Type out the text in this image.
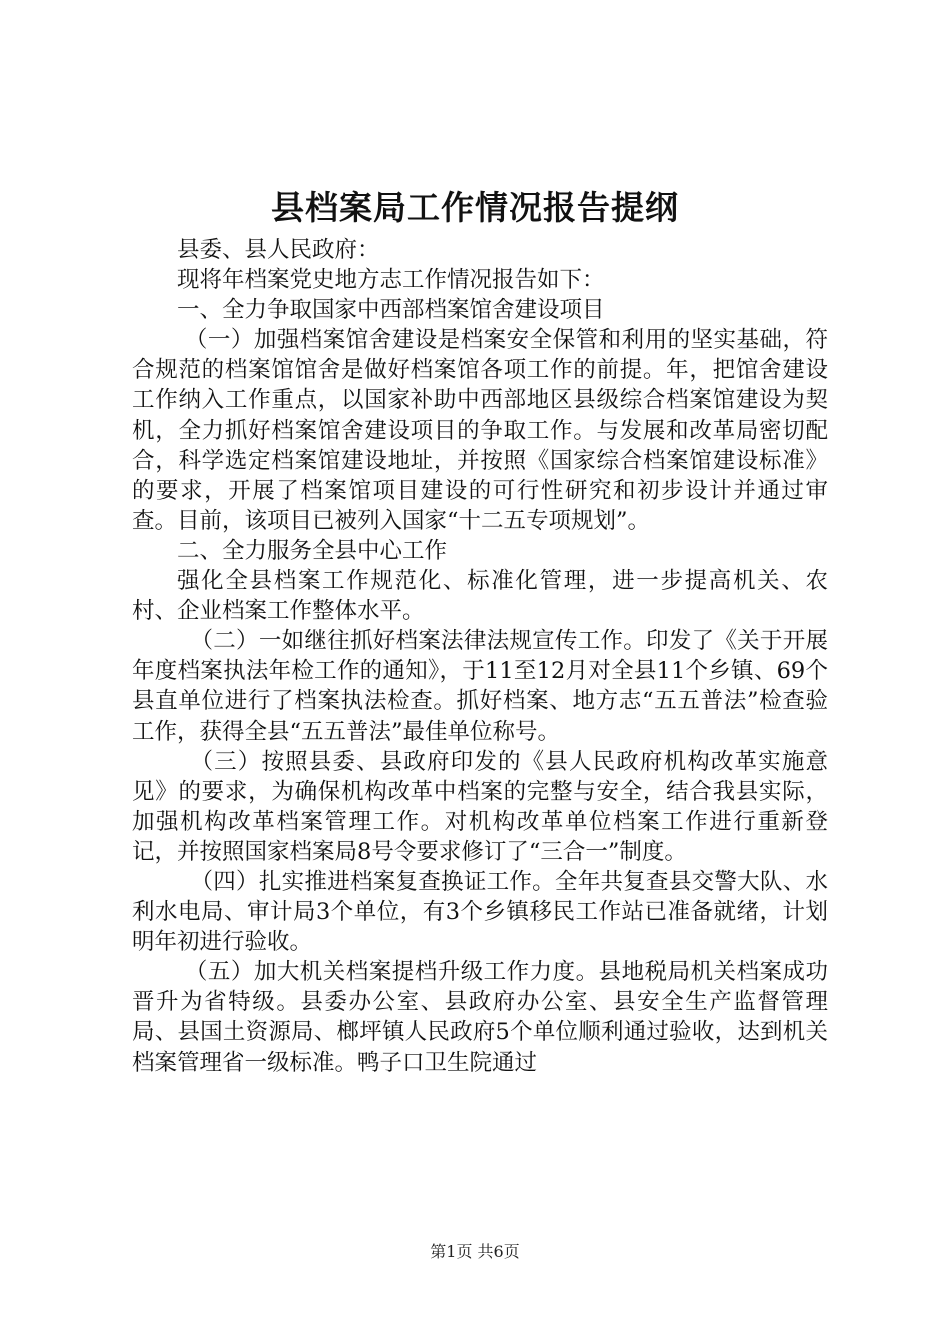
县档案局工作情况报告提纲

县委、县人民政府：

现将年档案党史地方志工作情况报告如下：

一、全力争取国家中西部档案馆舍建设项目

（一）加强档案馆舍建设是档案安全保管和利用的坚实基础，符合规范的档案馆馆舍是做好档案馆各项工作的前提。年，把馆舍建设工作纳入工作重点，以国家补助中西部地区县级综合档案馆建设为契机，全力抓好档案馆舍建设项目的争取工作。与发展和改革局密切配合，科学选定档案馆建设地址，并按照《国家综合档案馆建设标准》的要求，开展了档案馆项目建设的可行性研究和初步设计并通过审查。目前，该项目已被列入国家“十二五专项规划”。

二、全力服务全县中心工作

强化全县档案工作规范化、标准化管理，进一步提高机关、农村、企业档案工作整体水平。

（二）一如继往抓好档案法律法规宣传工作。印发了《关于开展年度档案执法年检工作的通知》，于11至12月对全县11个乡镇、69个县直单位进行了档案执法检查。抓好档案、地方志“五五普法”检查验工作，获得全县“五五普法”最佳单位称号。

（三）按照县委、县政府印发的《县人民政府机构改革实施意见》的要求，为确保机构改革中档案的完整与安全，结合我县实际，加强机构改革档案管理工作。对机构改革单位档案工作进行重新登记，并按照国家档案局8号令要求修订了“三合一”制度。

（四）扎实推进档案复查换证工作。全年共复查县交警大队、水利水电局、审计局3个单位，有3个乡镇移民工作站已准备就绪，计划明年初进行验收。

（五）加大机关档案提档升级工作力度。县地税局机关档案成功晋升为省特级。县委办公室、县政府办公室、县安全生产监督管理局、县国土资源局、榔坪镇人民政府5个单位顺利通过验收，达到机关档案管理省一级标准。鸭子口卫生院通过

第1页 共6页
